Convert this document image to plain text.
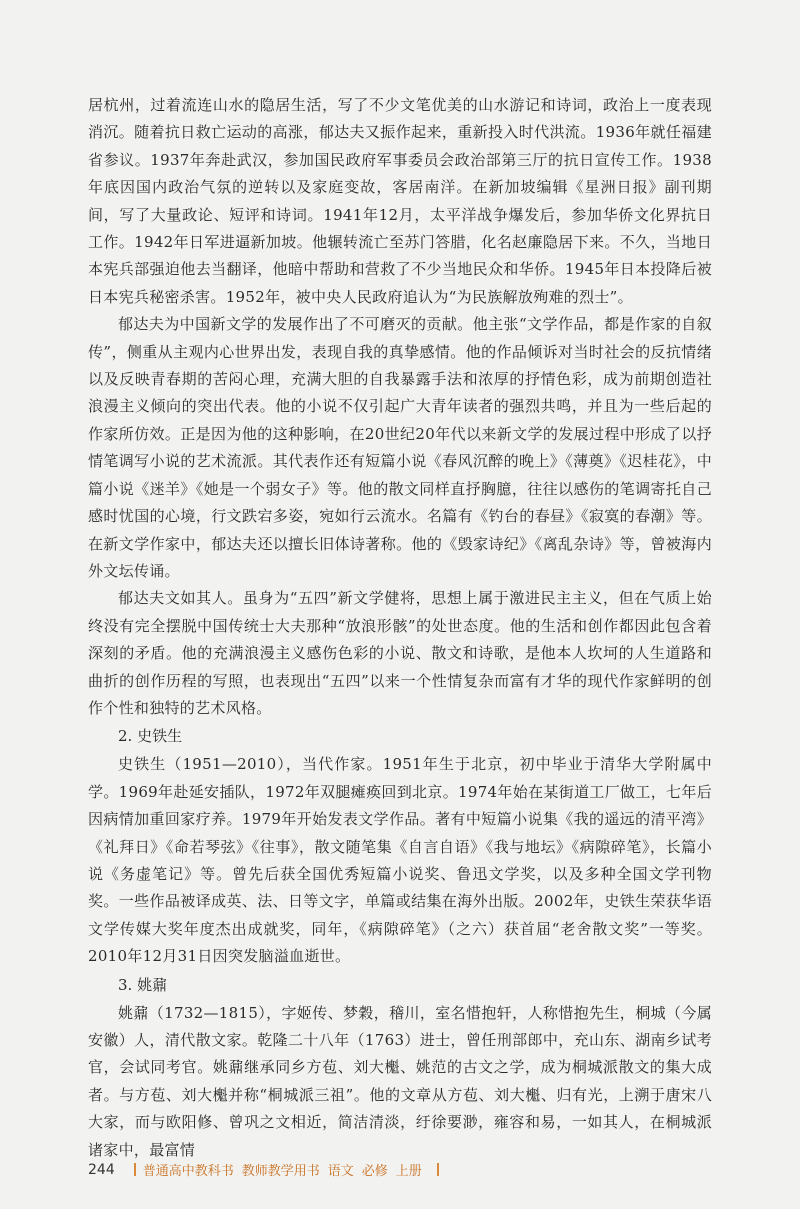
居杭州，过着流连山水的隐居生活，写了不少文笔优美的山水游记和诗词，政治上一度表现消沉。随着抗日救亡运动的高涨，郁达夫又振作起来，重新投入时代洪流。1936年就任福建省参议。1937年奔赴武汉，参加国民政府军事委员会政治部第三厅的抗日宣传工作。1938年底因国内政治气氛的逆转以及家庭变故，客居南洋。在新加坡编辑《星洲日报》副刊期间，写了大量政论、短评和诗词。1941年12月，太平洋战争爆发后，参加华侨文化界抗日工作。1942年日军进逼新加坡。他辗转流亡至苏门答腊，化名赵廉隐居下来。不久，当地日本宪兵部强迫他去当翻译，他暗中帮助和营救了不少当地民众和华侨。1945年日本投降后被日本宪兵秘密杀害。1952年，被中央人民政府追认为“为民族解放殉难的烈士”。

郁达夫为中国新文学的发展作出了不可磨灭的贡献。他主张“文学作品，都是作家的自叙传”，侧重从主观内心世界出发，表现自我的真挚感情。他的作品倾诉对当时社会的反抗情绪以及反映青春期的苦闷心理，充满大胆的自我暴露手法和浓厚的抒情色彩，成为前期创造社浪漫主义倾向的突出代表。他的小说不仅引起广大青年读者的强烈共鸣，并且为一些后起的作家所仿效。正是因为他的这种影响，在20世纪20年代以来新文学的发展过程中形成了以抒情笔调写小说的艺术流派。其代表作还有短篇小说《春风沉醉的晚上》《薄奠》《迟桂花》，中篇小说《迷羊》《她是一个弱女子》等。他的散文同样直抒胸臆，往往以感伤的笔调寄托自己感时忧国的心境，行文跌宕多姿，宛如行云流水。名篇有《钓台的春昼》《寂寞的春潮》等。在新文学作家中，郁达夫还以擅长旧体诗著称。他的《毁家诗纪》《离乱杂诗》等，曾被海内外文坛传诵。

郁达夫文如其人。虽身为“五四”新文学健将，思想上属于激进民主主义，但在气质上始终没有完全摆脱中国传统士大夫那种“放浪形骸”的处世态度。他的生活和创作都因此包含着深刻的矛盾。他的充满浪漫主义感伤色彩的小说、散文和诗歌，是他本人坎坷的人生道路和曲折的创作历程的写照，也表现出“五四”以来一个性情复杂而富有才华的现代作家鲜明的创作个性和独特的艺术风格。

2. 史铁生

史铁生（1951—2010），当代作家。1951年生于北京，初中毕业于清华大学附属中学。1969年赴延安插队，1972年双腿瘫痪回到北京。1974年始在某街道工厂做工，七年后因病情加重回家疗养。1979年开始发表文学作品。著有中短篇小说集《我的遥远的清平湾》《礼拜日》《命若琴弦》《往事》，散文随笔集《自言自语》《我与地坛》《病隙碎笔》，长篇小说《务虚笔记》等。曾先后获全国优秀短篇小说奖、鲁迅文学奖，以及多种全国文学刊物奖。一些作品被译成英、法、日等文字，单篇或结集在海外出版。2002年，史铁生荣获华语文学传媒大奖年度杰出成就奖，同年，《病隙碎笔》（之六）获首届“老舍散文奖”一等奖。2010年12月31日因突发脑溢血逝世。

3. 姚鼐

姚鼐（1732—1815），字姬传、梦穀，稽川，室名惜抱轩，人称惜抱先生，桐城（今属安徽）人，清代散文家。乾隆二十八年（1763）进士，曾任刑部郎中，充山东、湖南乡试考官，会试同考官。姚鼐继承同乡方苞、刘大櫆、姚范的古文之学，成为桐城派散文的集大成者。与方苞、刘大櫆并称“桐城派三祖”。他的文章从方苞、刘大櫆、归有光，上溯于唐宋八大家，而与欧阳修、曾巩之文相近，简洁清淡，纡徐要渺，雍容和易，一如其人，在桐城派诸家中，最富情

244 普通高中教科书 教师教学用书 语文 必修 上册
